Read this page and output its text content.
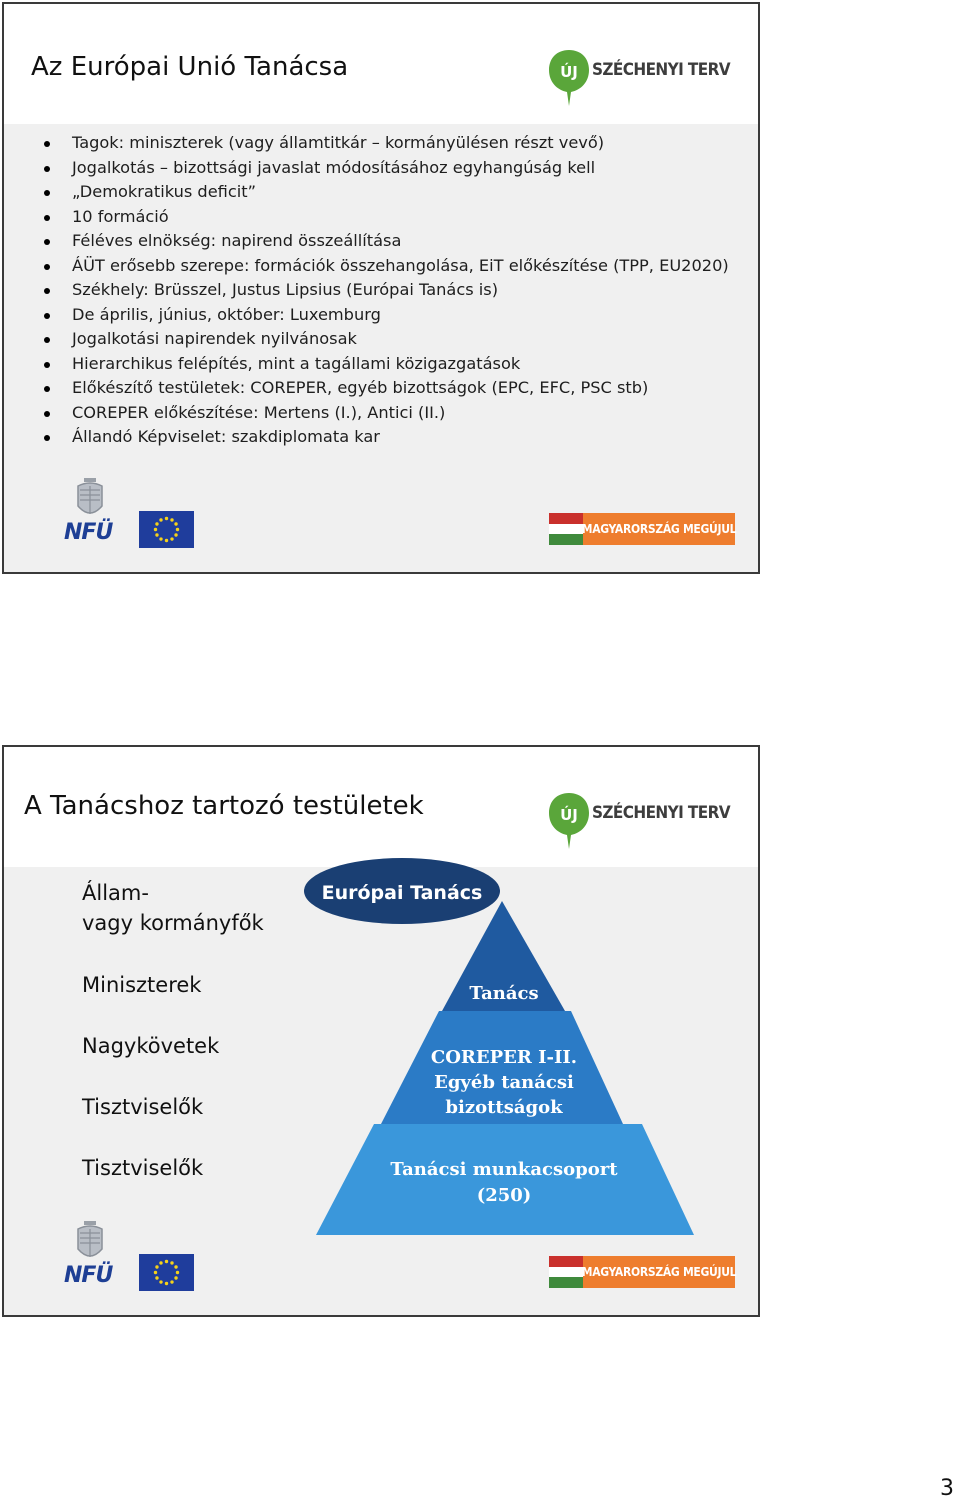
Az Európai Unió Tanácsa	ÚJ SZÉCHENYI TERV
Tagok: miniszterek (vagy államtitkár – kormányülésen részt vevő)
Jogalkotás – bizottsági javaslat módosításához egyhangúság kell
„Demokratikus deficit”
10 formáció
Féléves elnökség: napirend összeállítása
ÁÜT erősebb szerepe: formációk összehangolása, EiT előkészítése (TPP, EU2020)
Székhely: Brüsszel, Justus Lipsius (Európai Tanács is)
De április, június, október: Luxemburg
Jogalkotási napirendek nyilvánosak
Hierarchikus felépítés, mint a tagállami közigazgatások
Előkészítő testületek: COREPER, egyéb bizottságok (EPC, EFC, PSC stb)
COREPER előkészítése: Mertens (I.), Antici (II.)
Állandó Képviselet: szakdiplomata kar
NFÜ	MAGYARORSZÁG MEGÚJUL
A Tanácshoz tartozó testületek	ÚJ SZÉCHENYI TERV
Állam-
vagy kormányfők
Miniszterek
Nagykövetek
Tisztviselők
Tisztviselők
Európai Tanács
Tanács
COREPER I-II.
Egyéb tanácsi
bizottságok
Tanácsi munkacsoport
(250)
NFÜ	MAGYARORSZÁG MEGÚJUL
3
